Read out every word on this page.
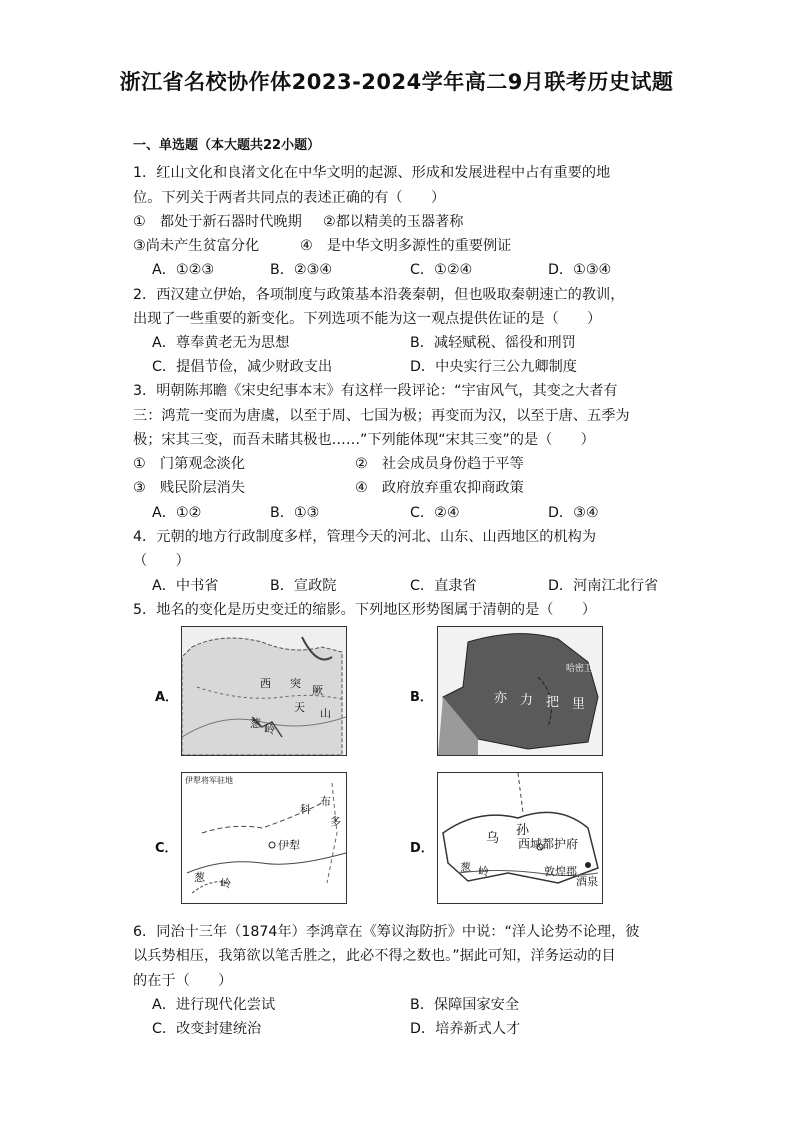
浙江省名校协作体2023-2024学年高二9月联考历史试题
一、单选题（本大题共22小题）
1．红山文化和良渚文化在中华文明的起源、形成和发展进程中占有重要的地
位。下列关于两者共同点的表述正确的有（　　）
①　都处于新石器时代晚期 ②都以精美的玉器著称
③尚未产生贫富分化	④　是中华文明多源性的重要例证
A．①②③	B．②③④	C．①②④	D．①③④
2．西汉建立伊始，各项制度与政策基本沿袭秦朝，但也吸取秦朝速亡的教训，
出现了一些重要的新变化。下列选项不能为这一观点提供佐证的是（　　）
A．尊奉黄老无为思想	B．减轻赋税、徭役和刑罚
C．提倡节俭，减少财政支出	D．中央实行三公九卿制度
3．明朝陈邦瞻《宋史纪事本末》有这样一段评论：“宇宙风气，其变之大者有
三：鸿荒一变而为唐虞，以至于周、七国为极；再变而为汉，以至于唐、五季为
极；宋其三变，而吾未睹其极也……”下列能体现“宋其三变”的是（　　）
①　门第观念淡化	②　社会成员身份趋于平等
③　贱民阶层消失	④　政府放弃重农抑商政策
A．①②	B．①③	C．②④	D．③④
4．元朝的地方行政制度多样，管理今天的河北、山东、山西地区的机构为
（　　）
A．中书省	B．宣政院	C．直隶省	D．河南江北行省
5．地名的变化是历史变迁的缩影。下列地区形势图属于清朝的是（　　）
A．
西 突
厥
天 山
葱 岭
B．	亦 力 把 里
哈密卫
C．
伊犁将军驻地
科
布
多
伊犁
葱 岭
D．
乌
孙
西域都护府
葱 岭	敦煌郡
酒泉
6．同治十三年（1874年）李鸿章在《筹议海防折》中说：“洋人论势不论理，彼
以兵势相压，我第欲以笔舌胜之，此必不得之数也。”据此可知，洋务运动的目
的在于（　　）
A．进行现代化尝试	B．保障国家安全
C．改变封建统治	D．培养新式人才
